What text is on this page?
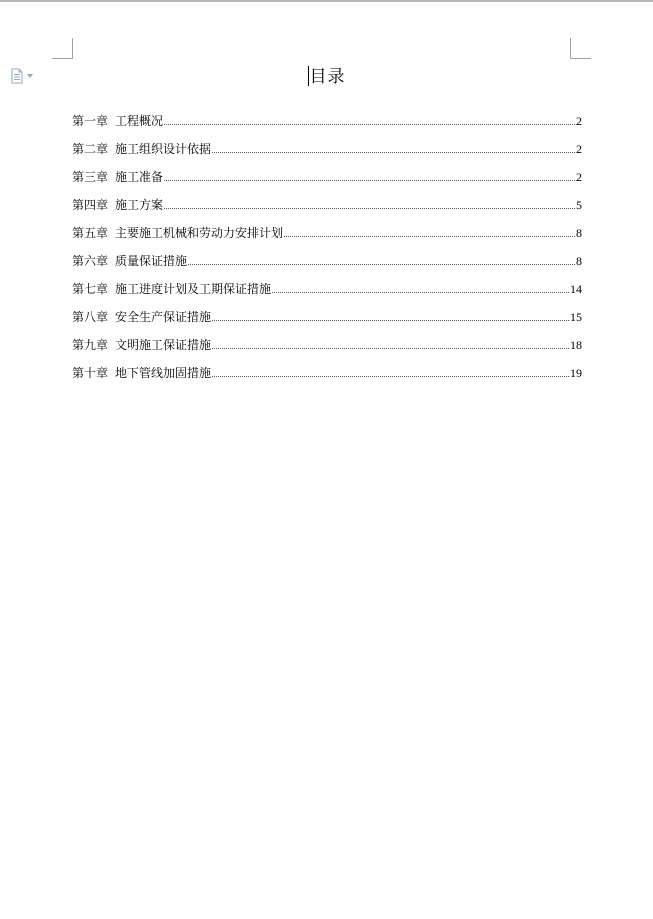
目录
第一章 工程概况	2
第二章 施工组织设计依据	2
第三章 施工准备	2
第四章 施工方案	5
第五章 主要施工机械和劳动力安排计划	8
第六章 质量保证措施	8
第七章 施工进度计划及工期保证措施	14
第八章 安全生产保证措施	15
第九章 文明施工保证措施	18
第十章 地下管线加固措施	19
